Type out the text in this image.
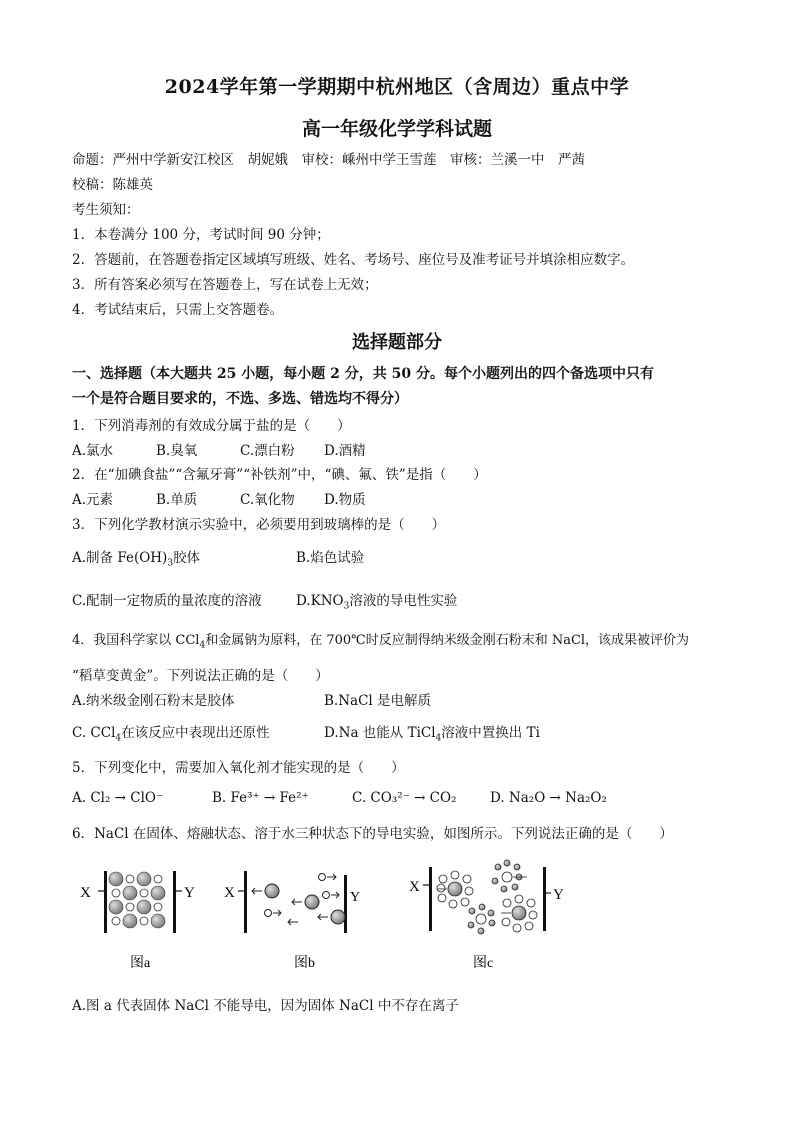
2024学年第一学期期中杭州地区（含周边）重点中学
高一年级化学学科试题
命题：严州中学新安江校区　胡妮娥　审校：嵊州中学王雪莲　审核：兰溪一中　严茜
校稿：陈雄英
考生须知：
1．本卷满分 100 分，考试时间 90 分钟；
2．答题前，在答题卷指定区域填写班级、姓名、考场号、座位号及准考证号并填涂相应数字。
3．所有答案必须写在答题卷上，写在试卷上无效；
4．考试结束后，只需上交答题卷。
选择题部分
一、选择题（本大题共 25 小题，每小题 2 分，共 50 分。每个小题列出的四个备选项中只有
一个是符合题目要求的，不选、多选、错选均不得分）
1．下列消毒剂的有效成分属于盐的是（　　）
A.氯水	B.臭氧	C.漂白粉 D.酒精
2．在“加碘食盐”“含氟牙膏”“补铁剂”中，“碘、氟、铁”是指（　　）
A.元素	B.单质	C.氧化物 D.物质
3．下列化学教材演示实验中，必须要用到玻璃棒的是（　　）
A.制备 $Fe(OH)_3$胶体	B.焰色试验
C.配制一定物质的量浓度的溶液	$D.KNO_3$溶液的导电性实验
4．我国科学家以 CCl$_4$和金属钠为原料，在 700℃时反应制得纳米级金刚石粉末和 NaCl，该成果被评价为
“稻草变黄金”。下列说法正确的是（　　）
A.纳米级金刚石粉末是胶体	B.NaCl 是电解质
C. CCl$_4$在该反应中表现出还原性	D.Na 也能从 TiCl$_4$溶液中置换出 Ti
5．下列变化中，需要加入氧化剂才能实现的是（　　）
A. Cl₂ → ClO⁻	B. Fe³⁺ → Fe²⁺	C. CO₃²⁻ → CO₂ D. Na₂O → Na₂O₂
6．NaCl 在固体、熔融状态、溶于水三种状态下的导电实验，如图所示。下列说法正确的是（　　）
X	Y
图a
X	Y
图b
X	Y
图c
A.图 a 代表固体 NaCl 不能导电，因为固体 NaCl 中不存在离子
